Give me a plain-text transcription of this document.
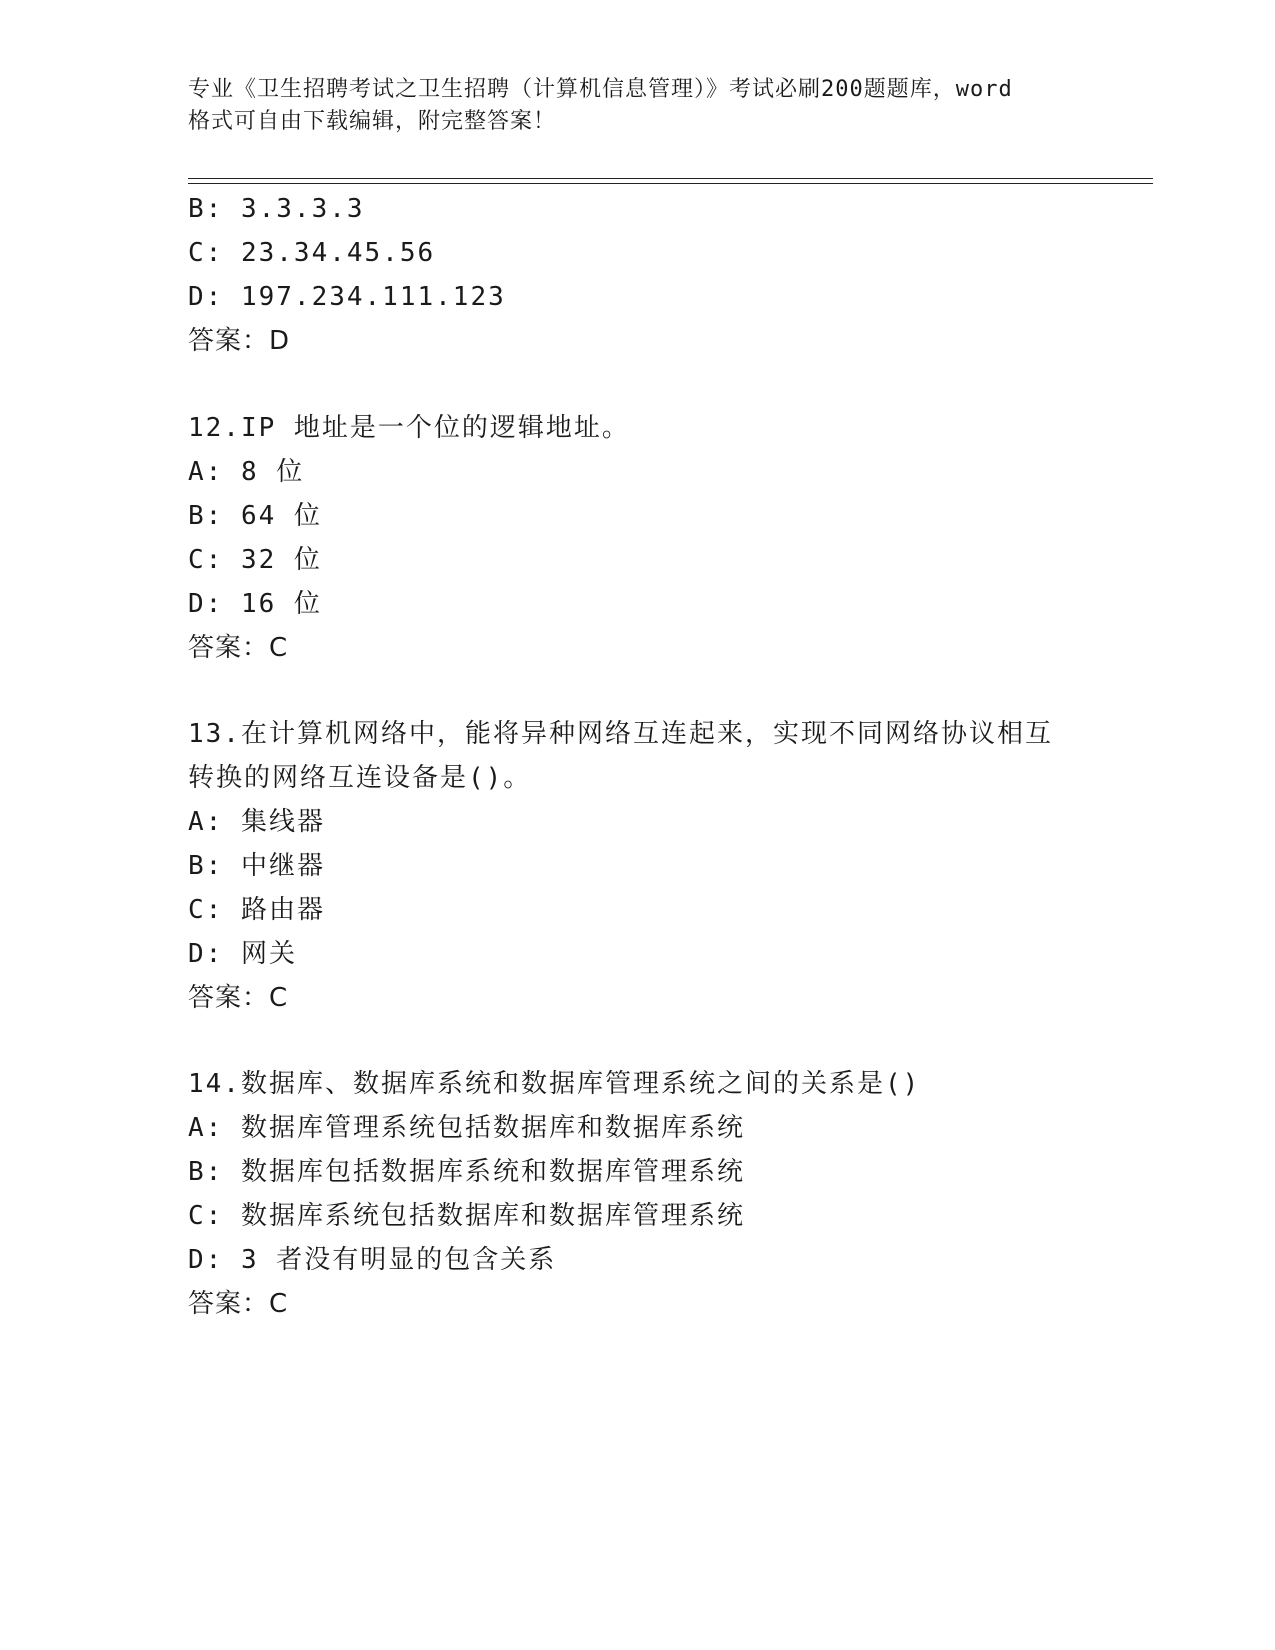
专业《卫生招聘考试之卫生招聘（计算机信息管理）》考试必刷200题题库，word
格式可自由下载编辑，附完整答案！
B: 3.3.3.3
C: 23.34.45.56
D: 197.234.111.123
答案：D
12.IP 地址是一个位的逻辑地址。
A: 8 位
B: 64 位
C: 32 位
D: 16 位
答案：C
13.在计算机网络中，能将异种网络互连起来，实现不同网络协议相互
转换的网络互连设备是()。
A: 集线器
B: 中继器
C: 路由器
D: 网关
答案：C
14.数据库、数据库系统和数据库管理系统之间的关系是()
A: 数据库管理系统包括数据库和数据库系统
B: 数据库包括数据库系统和数据库管理系统
C: 数据库系统包括数据库和数据库管理系统
D: 3 者没有明显的包含关系
答案：C
